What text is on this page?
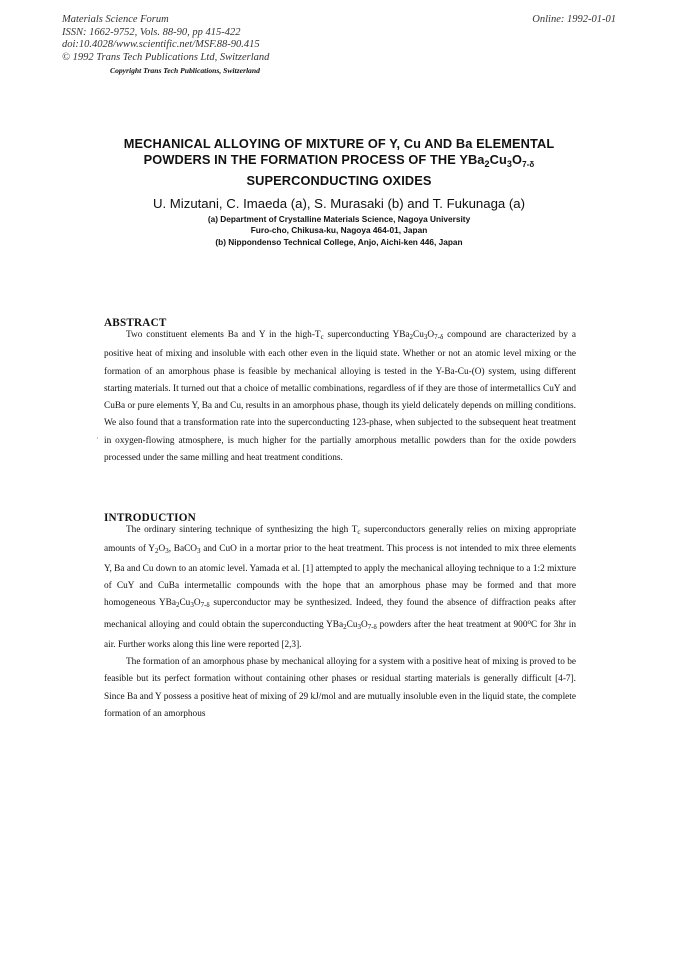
Materials Science Forum
ISSN: 1662-9752, Vols. 88-90, pp 415-422
doi:10.4028/www.scientific.net/MSF.88-90.415
© 1992 Trans Tech Publications Ltd, Switzerland
Online: 1992-01-01
Copyright Trans Tech Publications, Switzerland
MECHANICAL ALLOYING OF MIXTURE OF Y, Cu AND Ba ELEMENTAL
POWDERS IN THE FORMATION PROCESS OF THE $YBa_2Cu_3O_{7-\delta}$
SUPERCONDUCTING OXIDES
U. Mizutani, C. Imaeda (a), S. Murasaki (b) and T. Fukunaga (a)
(a) Department of Crystalline Materials Science, Nagoya University
Furo-cho, Chikusa-ku, Nagoya 464-01, Japan
(b) Nippondenso Technical College, Anjo, Aichi-ken 446, Japan
ABSTRACT

Two constituent elements Ba and Y in the high-$T_c$ superconducting $YBa_2Cu_3O_{7-\delta}$ compound are characterized by a positive heat of mixing and insoluble with each other even in the liquid state. Whether or not an atomic level mixing or the formation of an amorphous phase is feasible by mechanical alloying is tested in the Y-Ba-Cu-(O) system, using different starting materials. It turned out that a choice of metallic combinations, regardless of if they are those of intermetallics CuY and CuBa or pure elements Y, Ba and Cu, results in an amorphous phase, though its yield delicately depends on milling conditions. We also found that a transformation rate into the superconducting 123-phase, when subjected to the subsequent heat treatment in oxygen-flowing atmosphere, is much higher for the partially amorphous metallic powders than for the oxide powders processed under the same milling and heat treatment conditions.

·
INTRODUCTION

The ordinary sintering technique of synthesizing the high $T_c$ superconductors generally relies on mixing appropriate amounts of $Y_2O_3$, BaCO$_3$ and CuO in a mortar prior to the heat treatment. This process is not intended to mix three elements Y, Ba and Cu down to an atomic level. Yamada et al. [1] attempted to apply the mechanical alloying technique to a 1:2 mixture of CuY and CuBa intermetallic compounds with the hope that an amorphous phase may be formed and that more homogeneous $YBa_2Cu_3O_{7-\delta}$ superconductor may be synthesized. Indeed, they found the absence of diffraction peaks after mechanical alloying and could obtain the superconducting $YBa_2Cu_3O_{7-\delta}$ powders after the heat treatment at 900$^o$C for 3hr in air. Further works along this line were reported [2,3].

The formation of an amorphous phase by mechanical alloying for a system with a positive heat of mixing is proved to be feasible but its perfect formation without containing other phases or residual starting materials is generally difficult [4-7]. Since Ba and Y possess a positive heat of mixing of 29 kJ/mol and are mutually insoluble even in the liquid state, the complete formation of an amorphous
